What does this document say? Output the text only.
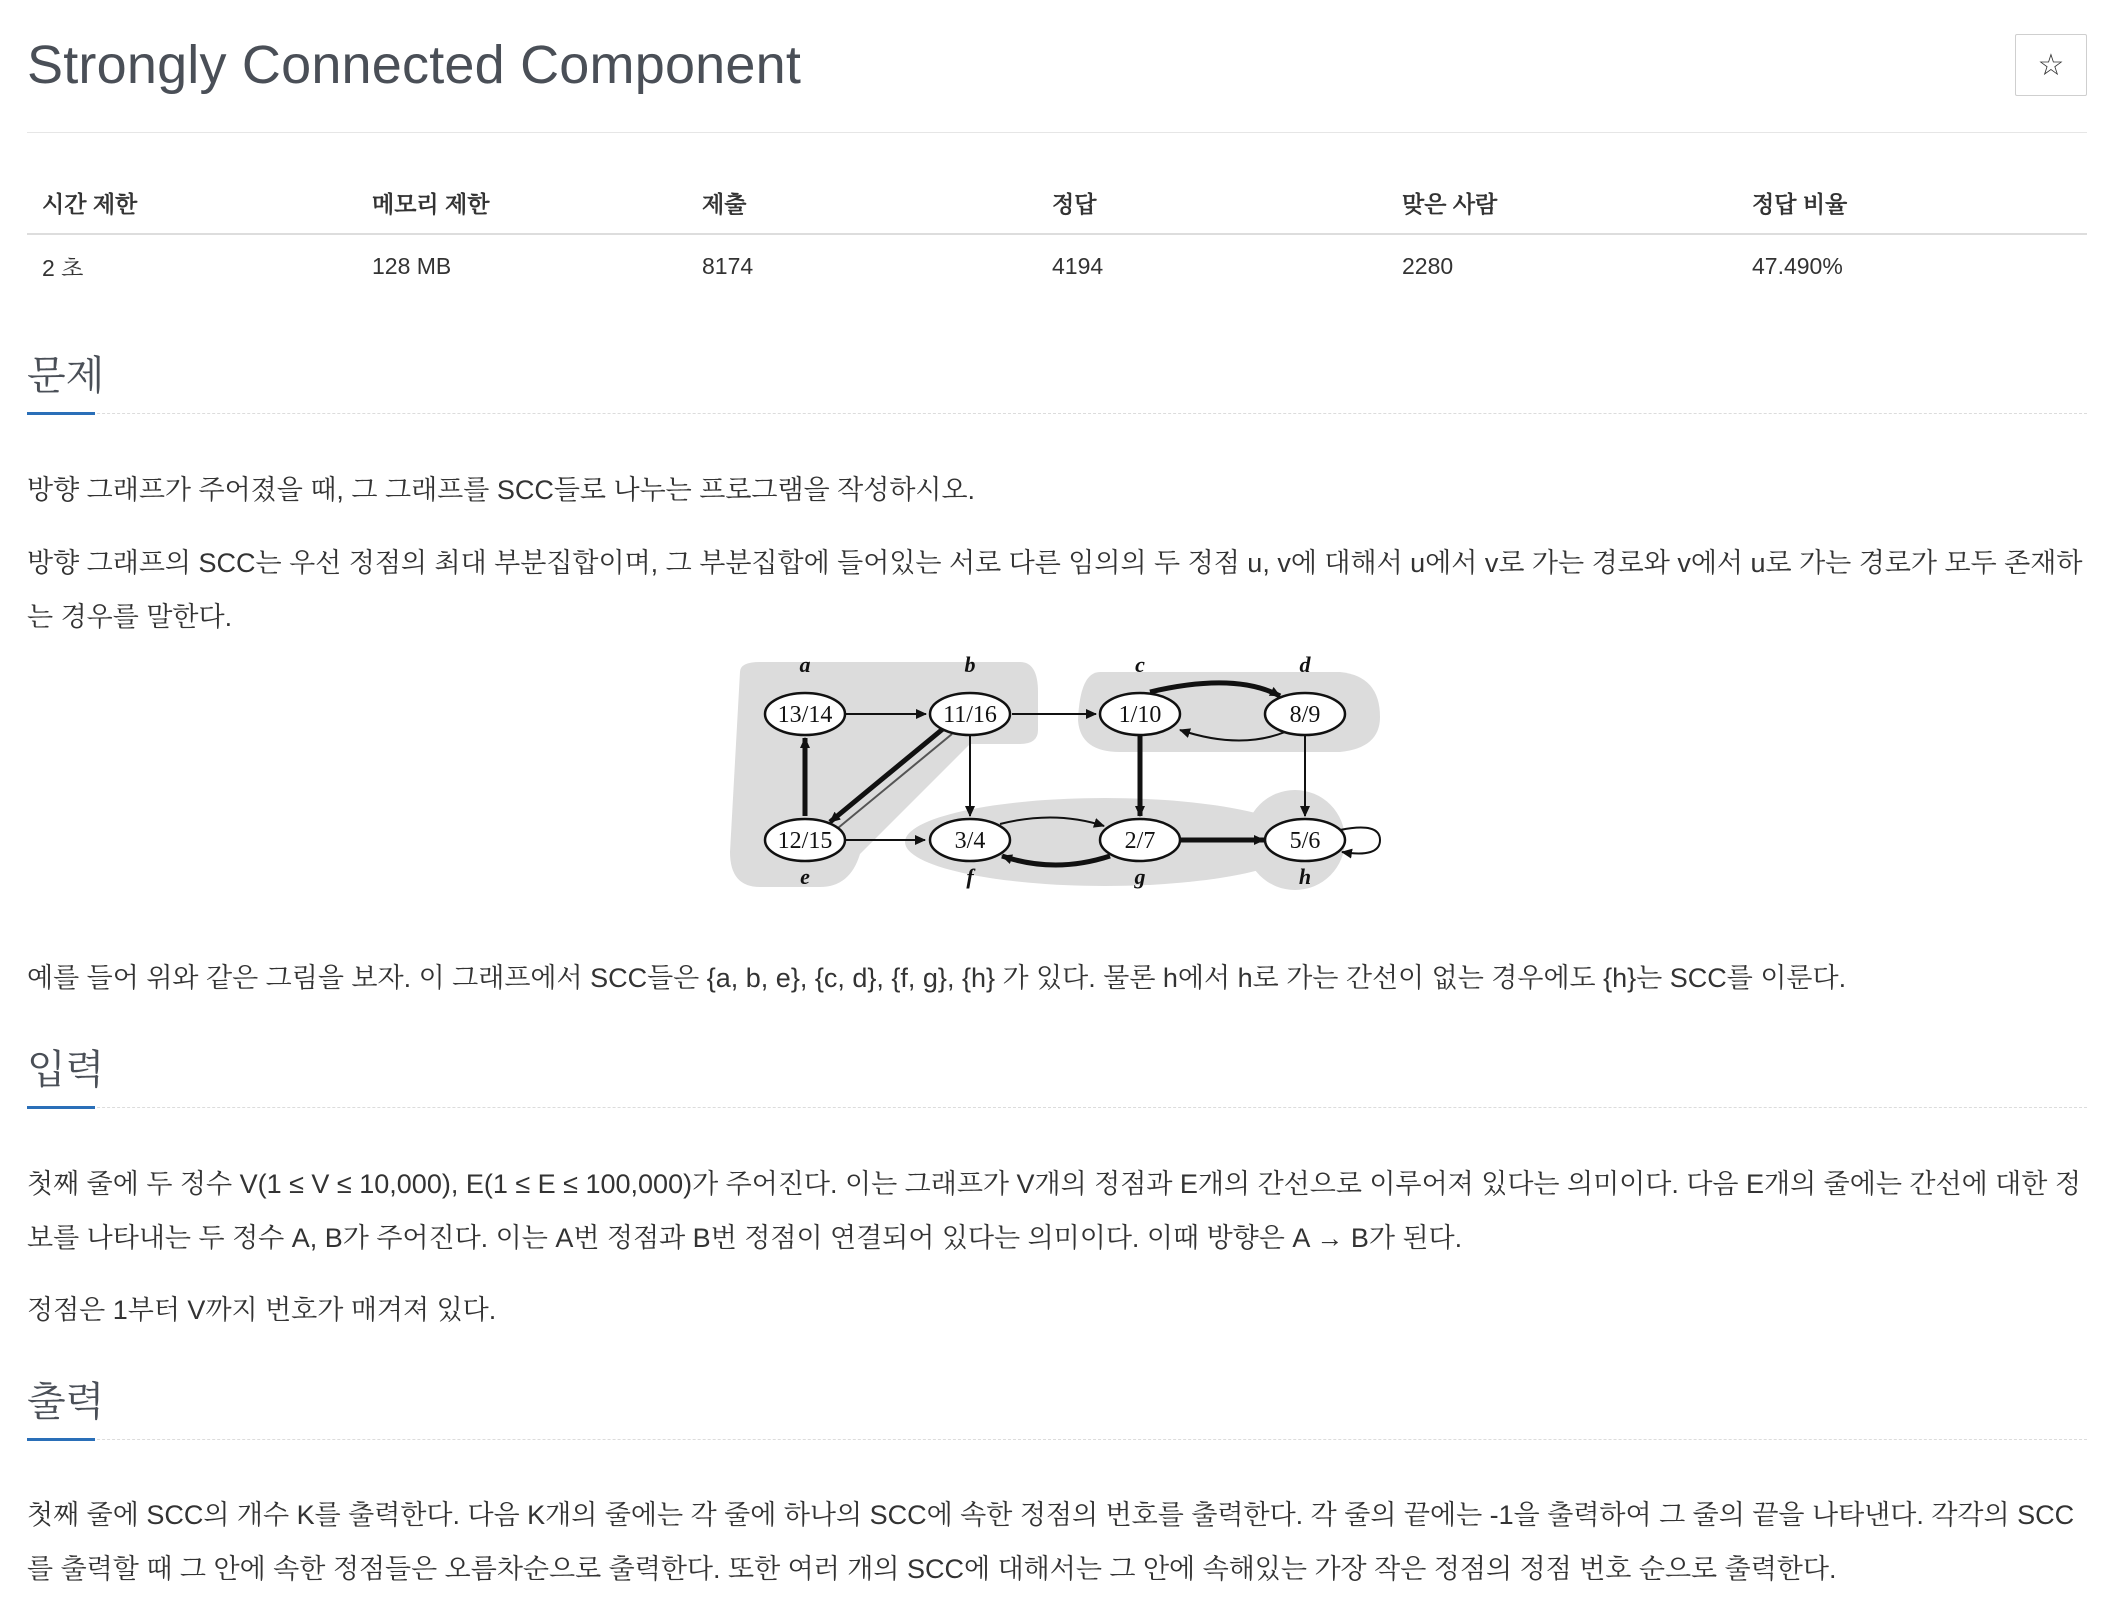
Strongly Connected Component	☆
시간 제한	메모리 제한	제출	정답	맞은 사람	정답 비율
2 초	128 MB	8174	4194	2280	47.490%
문제

방향 그래프가 주어졌을 때, 그 그래프를 SCC들로 나누는 프로그램을 작성하시오.

방향 그래프의 SCC는 우선 정점의 최대 부분집합이며, 그 부분집합에 들어있는 서로 다른 임의의 두 정점 u, v에 대해서 u에서 v로 가는 경로와 v에서 u로 가는 경로가 모두 존재하는 경우를 말한다.

a	b	c	d
e	f	g	h
13/14	11/16	1/10	8/9
12/15	3/4	2/7	5/6

예를 들어 위와 같은 그림을 보자. 이 그래프에서 SCC들은 {a, b, e}, {c, d}, {f, g}, {h} 가 있다. 물론 h에서 h로 가는 간선이 없는 경우에도 {h}는 SCC를 이룬다.

입력

첫째 줄에 두 정수 V(1 ≤ V ≤ 10,000), E(1 ≤ E ≤ 100,000)가 주어진다. 이는 그래프가 V개의 정점과 E개의 간선으로 이루어져 있다는 의미이다. 다음 E개의 줄에는 간선에 대한 정보를 나타내는 두 정수 A, B가 주어진다. 이는 A번 정점과 B번 정점이 연결되어 있다는 의미이다. 이때 방향은 A → B가 된다.

정점은 1부터 V까지 번호가 매겨져 있다.

출력

첫째 줄에 SCC의 개수 K를 출력한다. 다음 K개의 줄에는 각 줄에 하나의 SCC에 속한 정점의 번호를 출력한다. 각 줄의 끝에는 -1을 출력하여 그 줄의 끝을 나타낸다. 각각의 SCC를 출력할 때 그 안에 속한 정점들은 오름차순으로 출력한다. 또한 여러 개의 SCC에 대해서는 그 안에 속해있는 가장 작은 정점의 정점 번호 순으로 출력한다.
